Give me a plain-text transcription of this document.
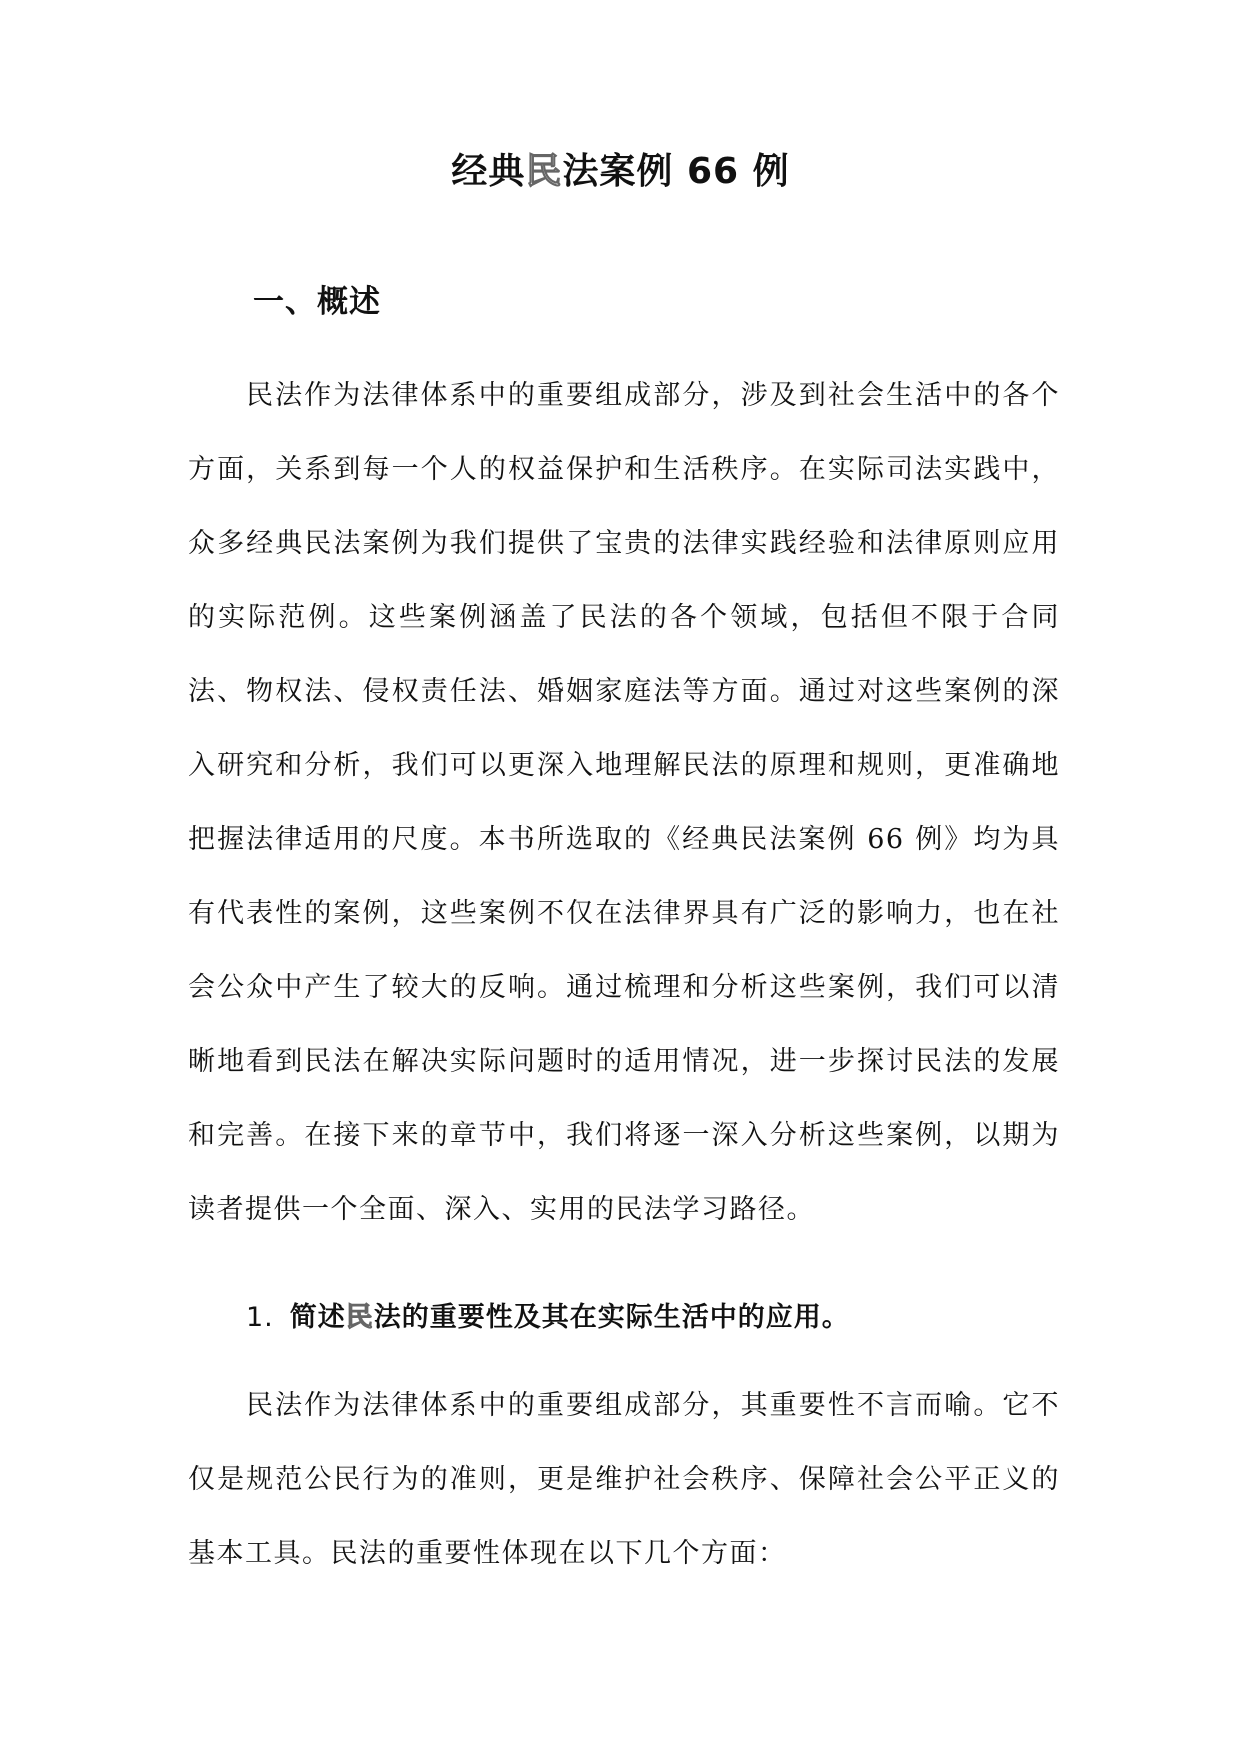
经典民法案例 66 例
一、概述

民法作为法律体系中的重要组成部分，涉及到社会生活中的各个方面，关系到每一个人的权益保护和生活秩序。在实际司法实践中，众多经典民法案例为我们提供了宝贵的法律实践经验和法律原则应用的实际范例。这些案例涵盖了民法的各个领域，包括但不限于合同法、物权法、侵权责任法、婚姻家庭法等方面。通过对这些案例的深入研究和分析，我们可以更深入地理解民法的原理和规则，更准确地把握法律适用的尺度。本书所选取的《经典民法案例 66 例》均为具有代表性的案例，这些案例不仅在法律界具有广泛的影响力，也在社会公众中产生了较大的反响。通过梳理和分析这些案例，我们可以清晰地看到民法在解决实际问题时的适用情况，进一步探讨民法的发展和完善。在接下来的章节中，我们将逐一深入分析这些案例，以期为读者提供一个全面、深入、实用的民法学习路径。

1. 简述民法的重要性及其在实际生活中的应用。

民法作为法律体系中的重要组成部分，其重要性不言而喻。它不仅是规范公民行为的准则，更是维护社会秩序、保障社会公平正义的基本工具。民法的重要性体现在以下几个方面：
